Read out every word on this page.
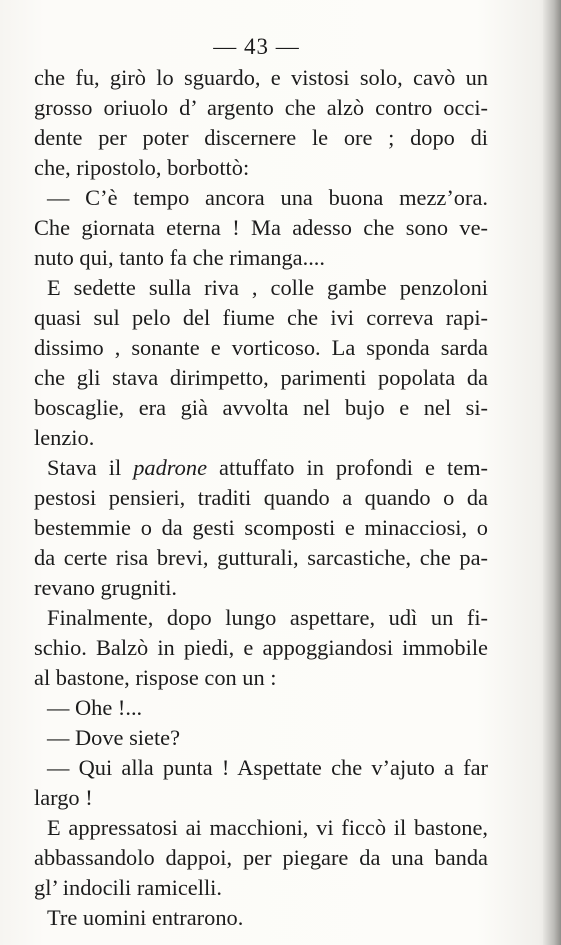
— 43 —
che fu, girò lo sguardo, e vistosi solo, cavò un
grosso oriuolo d’ argento che alzò contro occi-
dente per poter discernere le ore ; dopo di
che, ripostolo, borbottò:
— C’è tempo ancora una buona mezz’ora.
Che giornata eterna ! Ma adesso che sono ve-
nuto qui, tanto fa che rimanga....
E sedette sulla riva , colle gambe penzoloni
quasi sul pelo del fiume che ivi correva rapi-
dissimo , sonante e vorticoso. La sponda sarda
che gli stava dirimpetto, parimenti popolata da
boscaglie, era già avvolta nel bujo e nel si-
lenzio.
Stava il padrone attuffato in profondi e tem-
pestosi pensieri, traditi quando a quando o da
bestemmie o da gesti scomposti e minacciosi, o
da certe risa brevi, gutturali, sarcastiche, che pa-
revano grugniti.
Finalmente, dopo lungo aspettare, udì un fi-
schio. Balzò in piedi, e appoggiandosi immobile
al bastone, rispose con un :
— Ohe !...
— Dove siete?
— Qui alla punta ! Aspettate che v’ajuto a far
largo !
E appressatosi ai macchioni, vi ficcò il bastone,
abbassandolo dappoi, per piegare da una banda
gl’ indocili ramicelli.
Tre uomini entrarono.
